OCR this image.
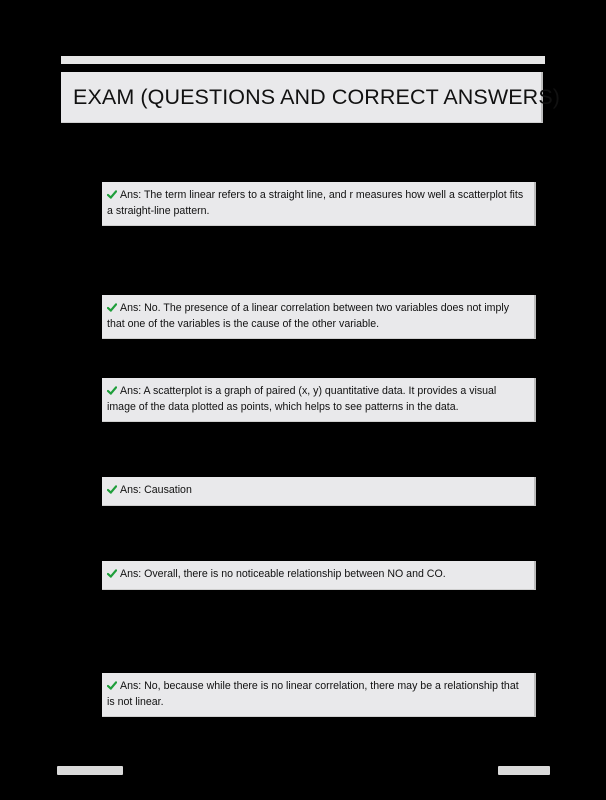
EXAM (QUESTIONS AND CORRECT ANSWERS)
Ans: The term linear refers to a straight line, and r measures how well a scatterplot fits a straight-line pattern.
Ans: No. The presence of a linear correlation between two variables does not imply that one of the variables is the cause of the other variable.
Ans: A scatterplot is a graph of paired (x, y) quantitative data. It provides a visual image of the data plotted as points, which helps to see patterns in the data.
Ans: Causation
Ans: Overall, there is no noticeable relationship between NO and CO.
Ans: No, because while there is no linear correlation, there may be a relationship that is not linear.
